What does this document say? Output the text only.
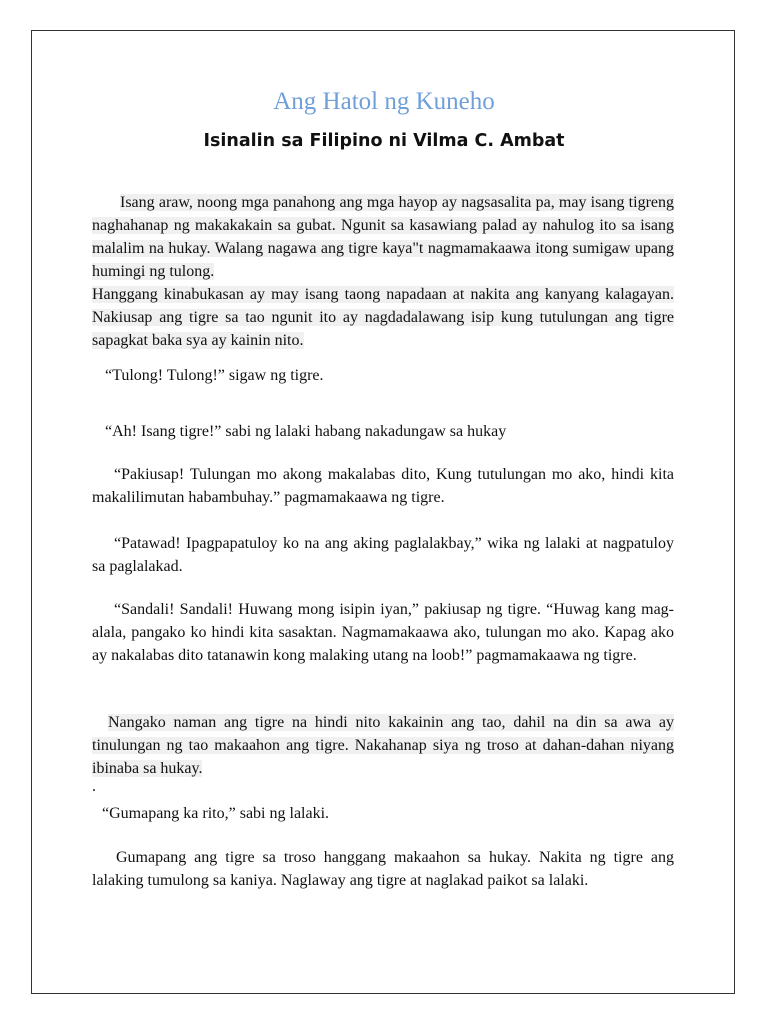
Ang Hatol ng Kuneho
Isinalin sa Filipino ni Vilma C. Ambat

Isang araw, noong mga panahong ang mga hayop ay nagsasalita pa, may isang tigreng naghahanap ng makakakain sa gubat. Ngunit sa kasawiang palad ay nahulog ito sa isang malalim na hukay. Walang nagawa ang tigre kaya"t nagmamakaawa itong sumigaw upang humingi ng tulong.

Hanggang kinabukasan ay may isang taong napadaan at nakita ang kanyang kalagayan. Nakiusap ang tigre sa tao ngunit ito ay nagdadalawang isip kung tutulungan ang tigre sapagkat baka sya ay kainin nito.

“Tulong! Tulong!” sigaw ng tigre.
“Ah! Isang tigre!” sabi ng lalaki habang nakadungaw sa hukay

“Pakiusap! Tulungan mo akong makalabas dito, Kung tutulungan mo ako, hindi kita makalilimutan habambuhay.” pagmamakaawa ng tigre.

“Patawad! Ipagpapatuloy ko na ang aking paglalakbay,” wika ng lalaki at nagpatuloy sa paglalakad.

“Sandali! Sandali! Huwang mong isipin iyan,” pakiusap ng tigre. “Huwag kang mag-alala, pangako ko hindi kita sasaktan. Nagmamakaawa ako, tulungan mo ako. Kapag ako ay nakalabas dito tatanawin kong malaking utang na loob!” pagmamakaawa ng tigre.

Nangako naman ang tigre na hindi nito kakainin ang tao, dahil na din sa awa ay tinulungan ng tao makaahon ang tigre. Nakahanap siya ng troso at dahan-dahan niyang ibinaba sa hukay.

.
“Gumapang ka rito,” sabi ng lalaki.

Gumapang ang tigre sa troso hanggang makaahon sa hukay. Nakita ng tigre ang lalaking tumulong sa kaniya. Naglaway ang tigre at naglakad paikot sa lalaki.
